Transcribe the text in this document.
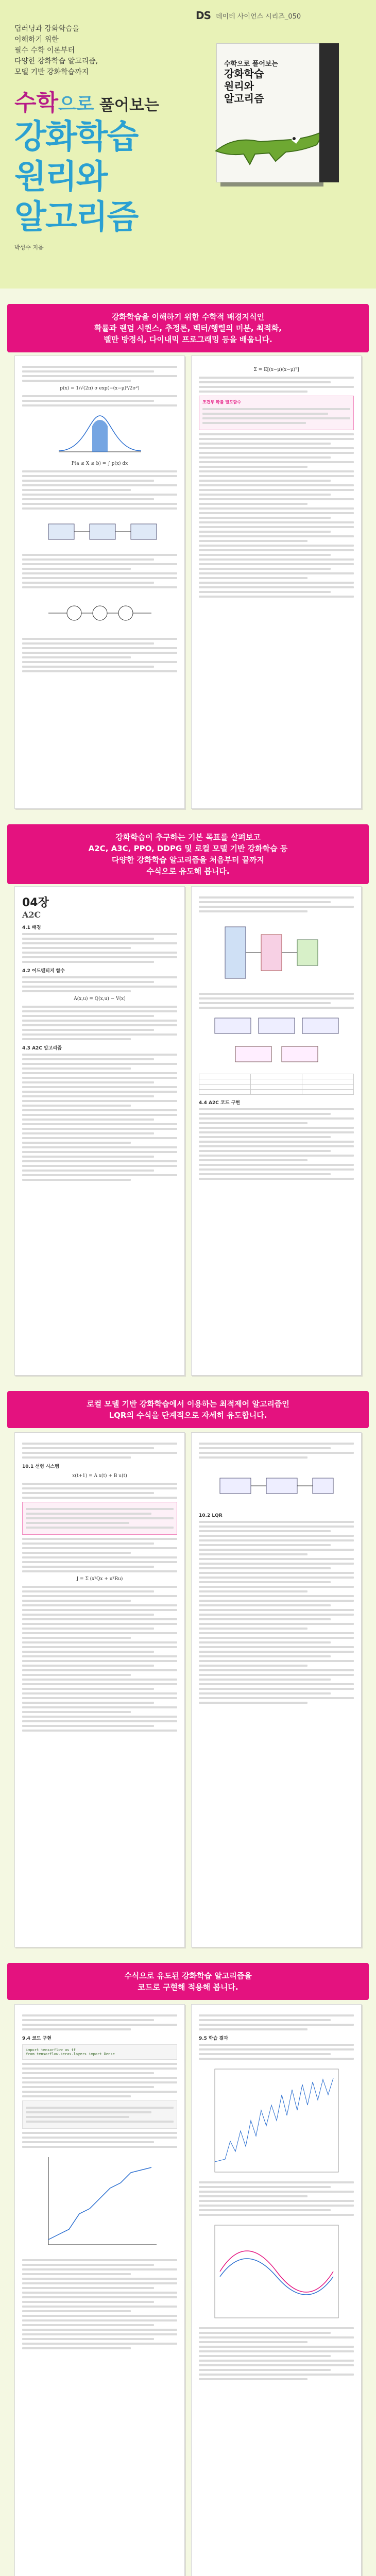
DS 데이테 사이언스 시리즈_050
딥러닝과 강화학습을
이해하기 위한
필수 수학 이론부터
다양한 강화학습 알고리즘,
모델 기반 강화학습까지
수학으로 풀어보는
강화학습
원리와
알고리즘
박성수 지음
수학으로 풀어보는
강화학습
원리와
알고리즘
강화학습을 이해하기 위한 수학적 배경지식인
확률과 랜덤 시퀀스, 추정론, 벡터/행렬의 미분, 최적화,
벨만 방정식, 다이내믹 프로그래밍 등을 배웁니다.
p(x) = 1/√(2π) σ exp(−(x−μ)²/2σ²)
P(a ≤ X ≤ b) = ∫ p(x) dx
Σ = E[(x−μ)(x−μ)ᵀ]
조건부 확률 밀도함수
강화학습이 추구하는 기본 목표를 살펴보고
A2C, A3C, PPO, DDPG 및 로컬 모델 기반 강화학습 등
다양한 강화학습 알고리즘을 처음부터 끝까지
수식으로 유도해 봅니다.
04장
A2C
4.1 배경
4.2 어드밴티지 함수
A(x,u) = Q(x,u) − V(x)
4.3 A2C 알고리즘

4.4 A2C 코드 구현
로컬 모델 기반 강화학습에서 이용하는 최적제어 알고리즘인
LQR의 수식을 단계적으로 자세히 유도합니다.
10.1 선형 시스템
x(t+1) = A x(t) + B u(t)
J = Σ (xᵀQx + uᵀRu)
10.2 LQR
수식으로 유도된 강화학습 알고리즘을
코드로 구현해 적용해 봅니다.
9.4 코드 구현
import tensorflow as tf
from tensorflow.keras.layers import Dense
9.5 학습 결과
